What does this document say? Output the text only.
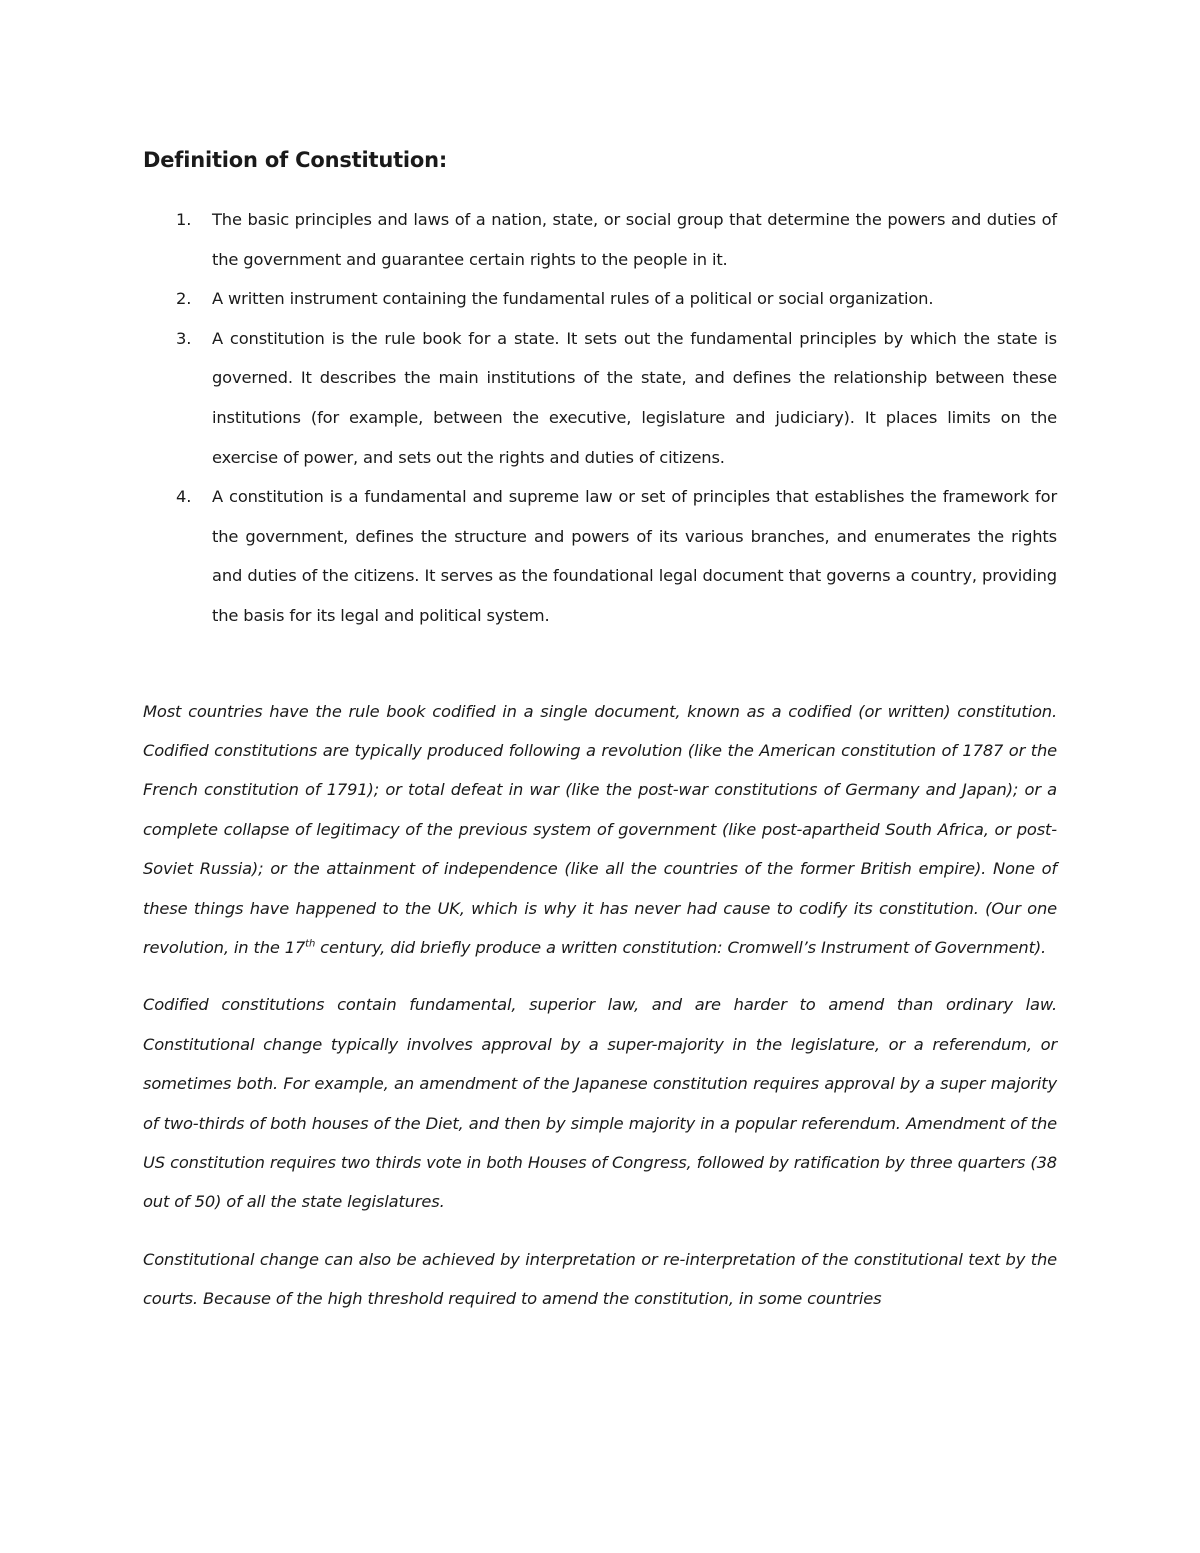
Definition of Constitution:
1. The basic principles and laws of a nation, state, or social group that determine the powers and duties of the government and guarantee certain rights to the people in it.
2. A written instrument containing the fundamental rules of a political or social organization.
3. A constitution is the rule book for a state. It sets out the fundamental principles by which the state is governed. It describes the main institutions of the state, and defines the relationship between these institutions (for example, between the executive, legislature and judiciary). It places limits on the exercise of power, and sets out the rights and duties of citizens.
4. A constitution is a fundamental and supreme law or set of principles that establishes the framework for the government, defines the structure and powers of its various branches, and enumerates the rights and duties of the citizens. It serves as the foundational legal document that governs a country, providing the basis for its legal and political system.

Most countries have the rule book codified in a single document, known as a codified (or written) constitution. Codified constitutions are typically produced following a revolution (like the American constitution of 1787 or the French constitution of 1791); or total defeat in war (like the post-war constitutions of Germany and Japan); or a complete collapse of legitimacy of the previous system of government (like post-apartheid South Africa, or post-Soviet Russia); or the attainment of independence (like all the countries of the former British empire). None of these things have happened to the UK, which is why it has never had cause to codify its constitution. (Our one revolution, in the 17th century, did briefly produce a written constitution: Cromwell’s Instrument of Government).

Codified constitutions contain fundamental, superior law, and are harder to amend than ordinary law. Constitutional change typically involves approval by a super-majority in the legislature, or a referendum, or sometimes both. For example, an amendment of the Japanese constitution requires approval by a super majority of two-thirds of both houses of the Diet, and then by simple majority in a popular referendum. Amendment of the US constitution requires two thirds vote in both Houses of Congress, followed by ratification by three quarters (38 out of 50) of all the state legislatures.

Constitutional change can also be achieved by interpretation or re-interpretation of the constitutional text by the courts. Because of the high threshold required to amend the constitution, in some countries
